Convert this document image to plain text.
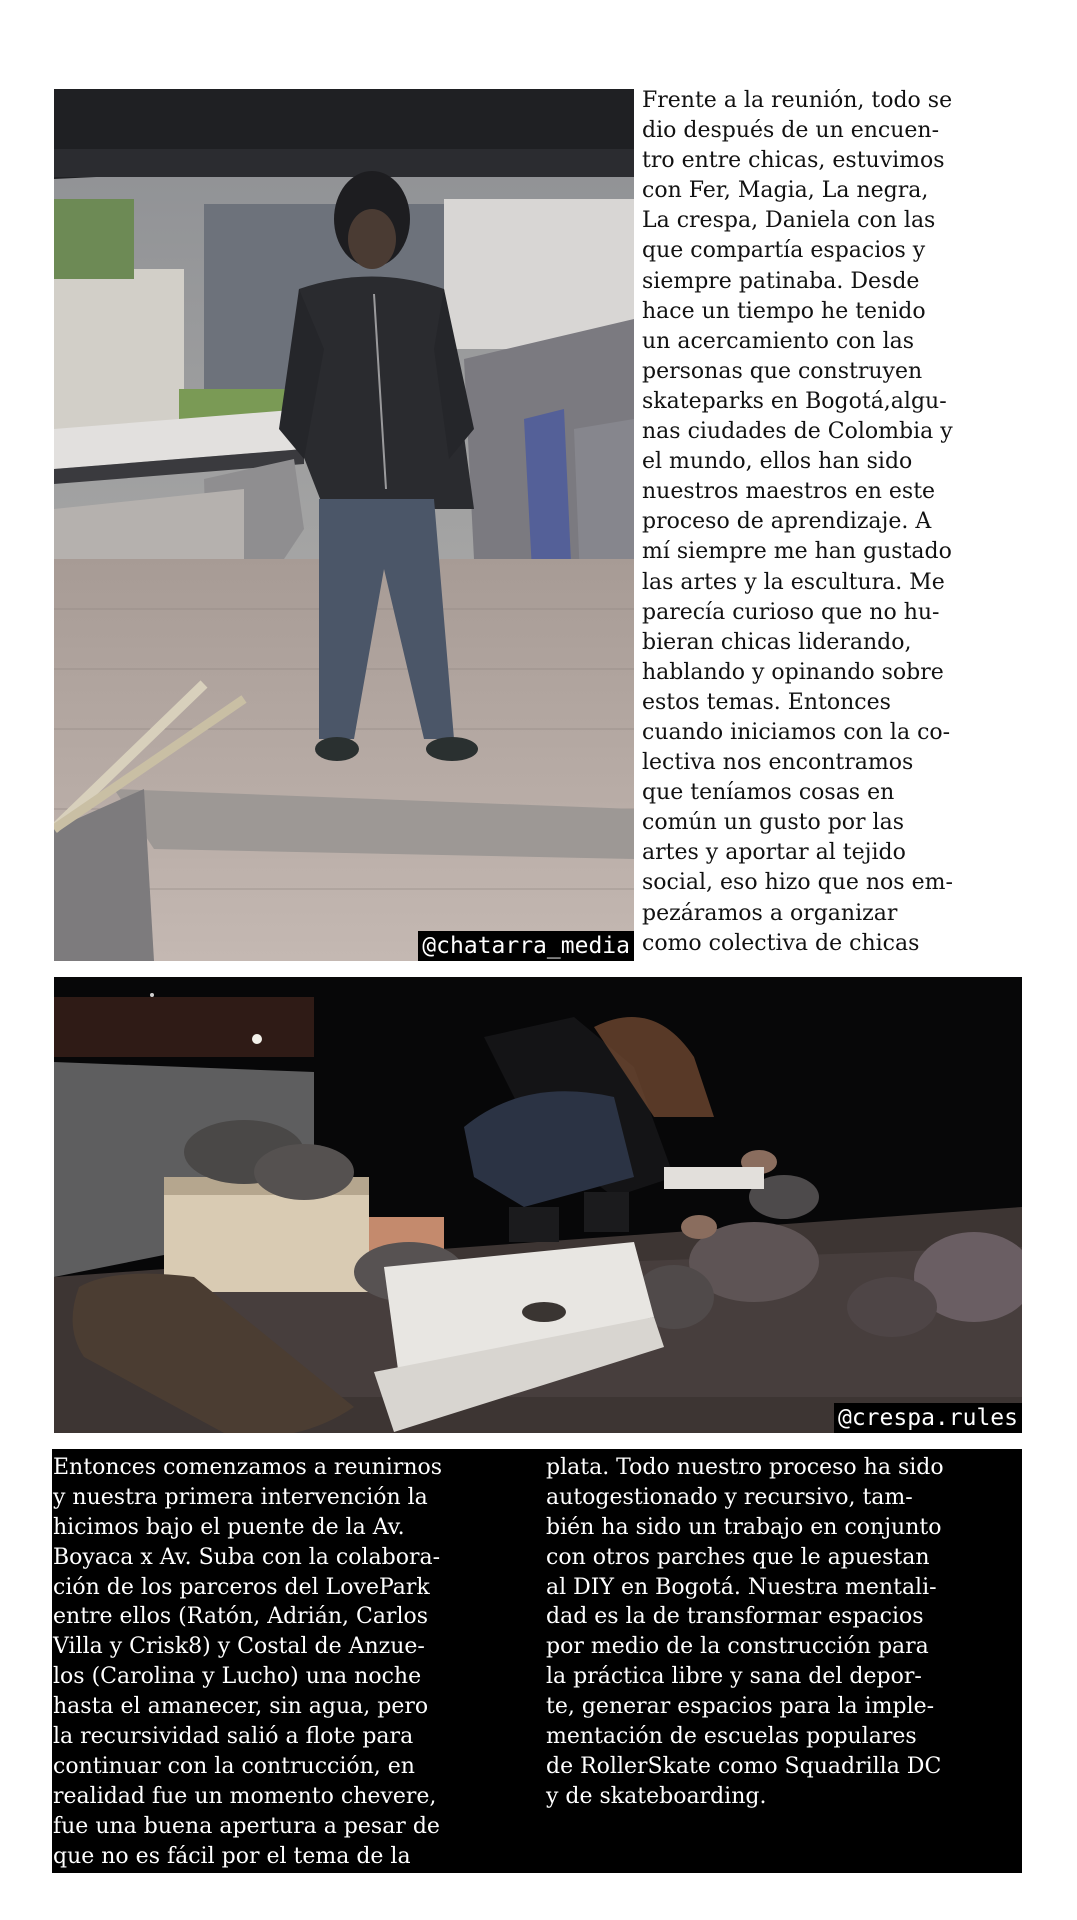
@chatarra_media
Frente a la reunión, todo se
dio después de un encuen-
tro entre chicas, estuvimos
con Fer, Magia, La negra,
La crespa, Daniela con las
que compartía espacios y
siempre patinaba. Desde
hace un tiempo he tenido
un acercamiento con las
personas que construyen
skateparks en Bogotá,algu-
nas ciudades de Colombia y
el mundo, ellos han sido
nuestros maestros en este
proceso de aprendizaje. A
mí siempre me han gustado
las artes y la escultura. Me
parecía curioso que no hu-
bieran chicas liderando,
hablando y opinando sobre
estos temas. Entonces
cuando iniciamos con la co-
lectiva nos encontramos
que teníamos cosas en
común un gusto por las
artes y aportar al tejido
social, eso hizo que nos em-
pezáramos a organizar
como colectiva de chicas
@crespa.rules
Entonces comenzamos a reunirnos
y nuestra primera intervención la
hicimos bajo el puente de la Av.
Boyaca x Av. Suba con la colabora-
ción de los parceros del LovePark
entre ellos (Ratón, Adrián, Carlos
Villa y Crisk8) y Costal de Anzue-
los (Carolina y Lucho) una noche
hasta el amanecer, sin agua, pero
la recursividad salió a flote para
continuar con la contrucción, en
realidad fue un momento chevere,
fue una buena apertura a pesar de
que no es fácil por el tema de la
plata. Todo nuestro proceso ha sido
autogestionado y recursivo, tam-
bién ha sido un trabajo en conjunto
con otros parches que le apuestan
al DIY en Bogotá. Nuestra mentali-
dad es la de transformar espacios
por medio de la construcción para
la práctica libre y sana del depor-
te, generar espacios para la imple-
mentación de escuelas populares
de RollerSkate como Squadrilla DC
y de skateboarding.
